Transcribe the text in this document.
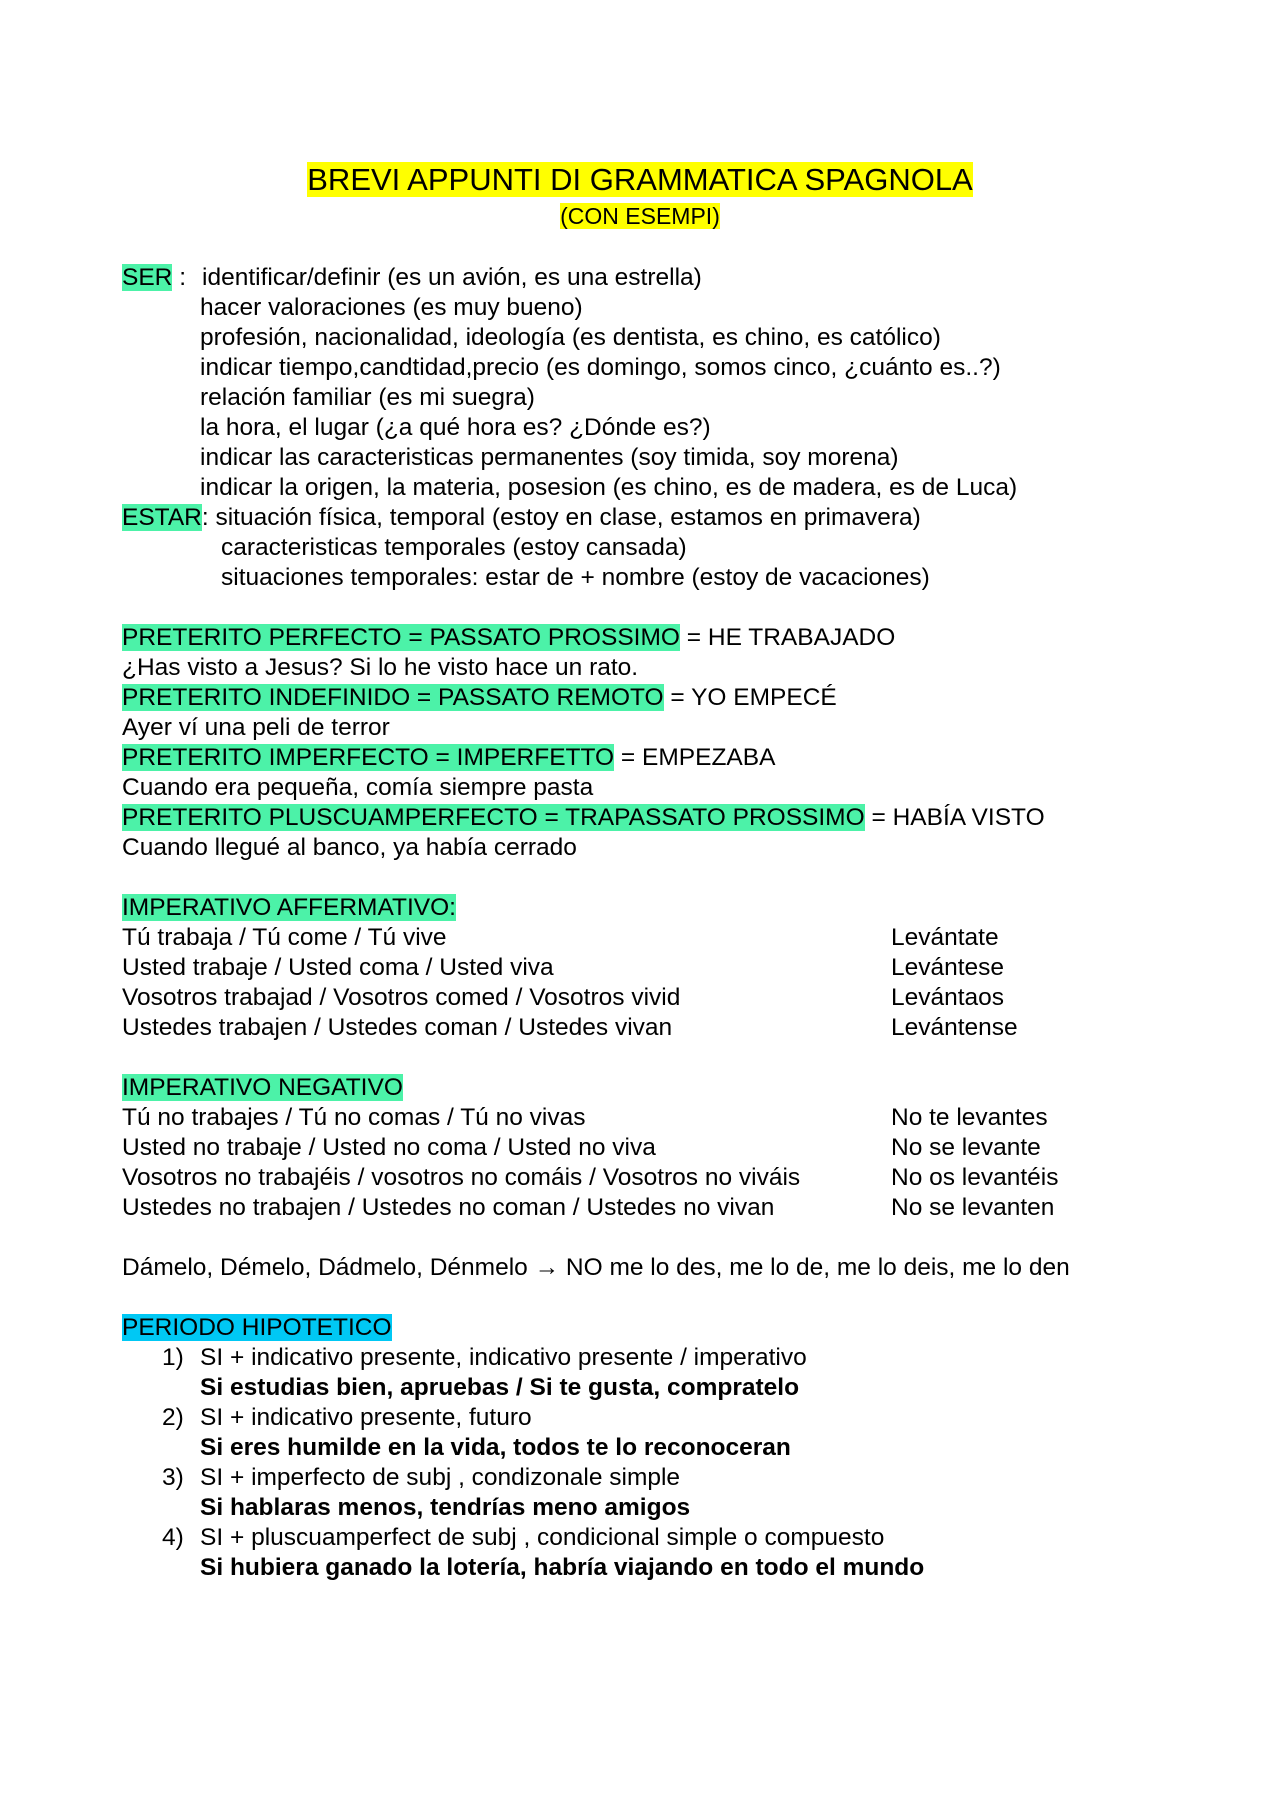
BREVI APPUNTI DI GRAMMATICA SPAGNOLA
(CON ESEMPI)
SER : identificar/definir (es un avión, es una estrella)
hacer valoraciones (es muy bueno)
profesión, nacionalidad, ideología (es dentista, es chino, es católico)
indicar tiempo,candtidad,precio (es domingo, somos cinco, ¿cuánto es..?)
relación familiar (es mi suegra)
la hora, el lugar (¿a qué hora es? ¿Dónde es?)
indicar las caracteristicas permanentes (soy timida, soy morena)
indicar la origen, la materia, posesion (es chino, es de madera, es de Luca)
ESTAR: situación física, temporal (estoy en clase, estamos en primavera)
caracteristicas temporales (estoy cansada)
situaciones temporales: estar de + nombre (estoy de vacaciones)
PRETERITO PERFECTO = PASSATO PROSSIMO = HE TRABAJADO
¿Has visto a Jesus? Si lo he visto hace un rato.
PRETERITO INDEFINIDO = PASSATO REMOTO = YO EMPECÉ
Ayer ví una peli de terror
PRETERITO IMPERFECTO = IMPERFETTO = EMPEZABA
Cuando era pequeña, comía siempre pasta
PRETERITO PLUSCUAMPERFECTO = TRAPASSATO PROSSIMO = HABÍA VISTO
Cuando llegué al banco, ya había cerrado
IMPERATIVO AFFERMATIVO:
Tú trabaja / Tú come / Tú vive	Levántate
Usted trabaje / Usted coma / Usted viva	Levántese
Vosotros trabajad / Vosotros comed / Vosotros vivid	Levántaos
Ustedes trabajen / Ustedes coman / Ustedes vivan	Levántense
IMPERATIVO NEGATIVO
Tú no trabajes / Tú no comas / Tú no vivas	No te levantes
Usted no trabaje / Usted no coma / Usted no viva	No se levante
Vosotros no trabajéis / vosotros no comáis / Vosotros no viváis	No os levantéis
Ustedes no trabajen / Ustedes no coman / Ustedes no vivan	No se levanten
Dámelo, Démelo, Dádmelo, Dénmelo → NO me lo des, me lo de, me lo deis, me lo den
PERIODO HIPOTETICO
1) SI + indicativo presente, indicativo presente / imperativo
Si estudias bien, apruebas / Si te gusta, compratelo
2) SI + indicativo presente, futuro
Si eres humilde en la vida, todos te lo reconoceran
3) SI + imperfecto de subj , condizonale simple
Si hablaras menos, tendrías meno amigos
4) SI + pluscuamperfect de subj , condicional simple o compuesto
Si hubiera ganado la lotería, habría viajando en todo el mundo
